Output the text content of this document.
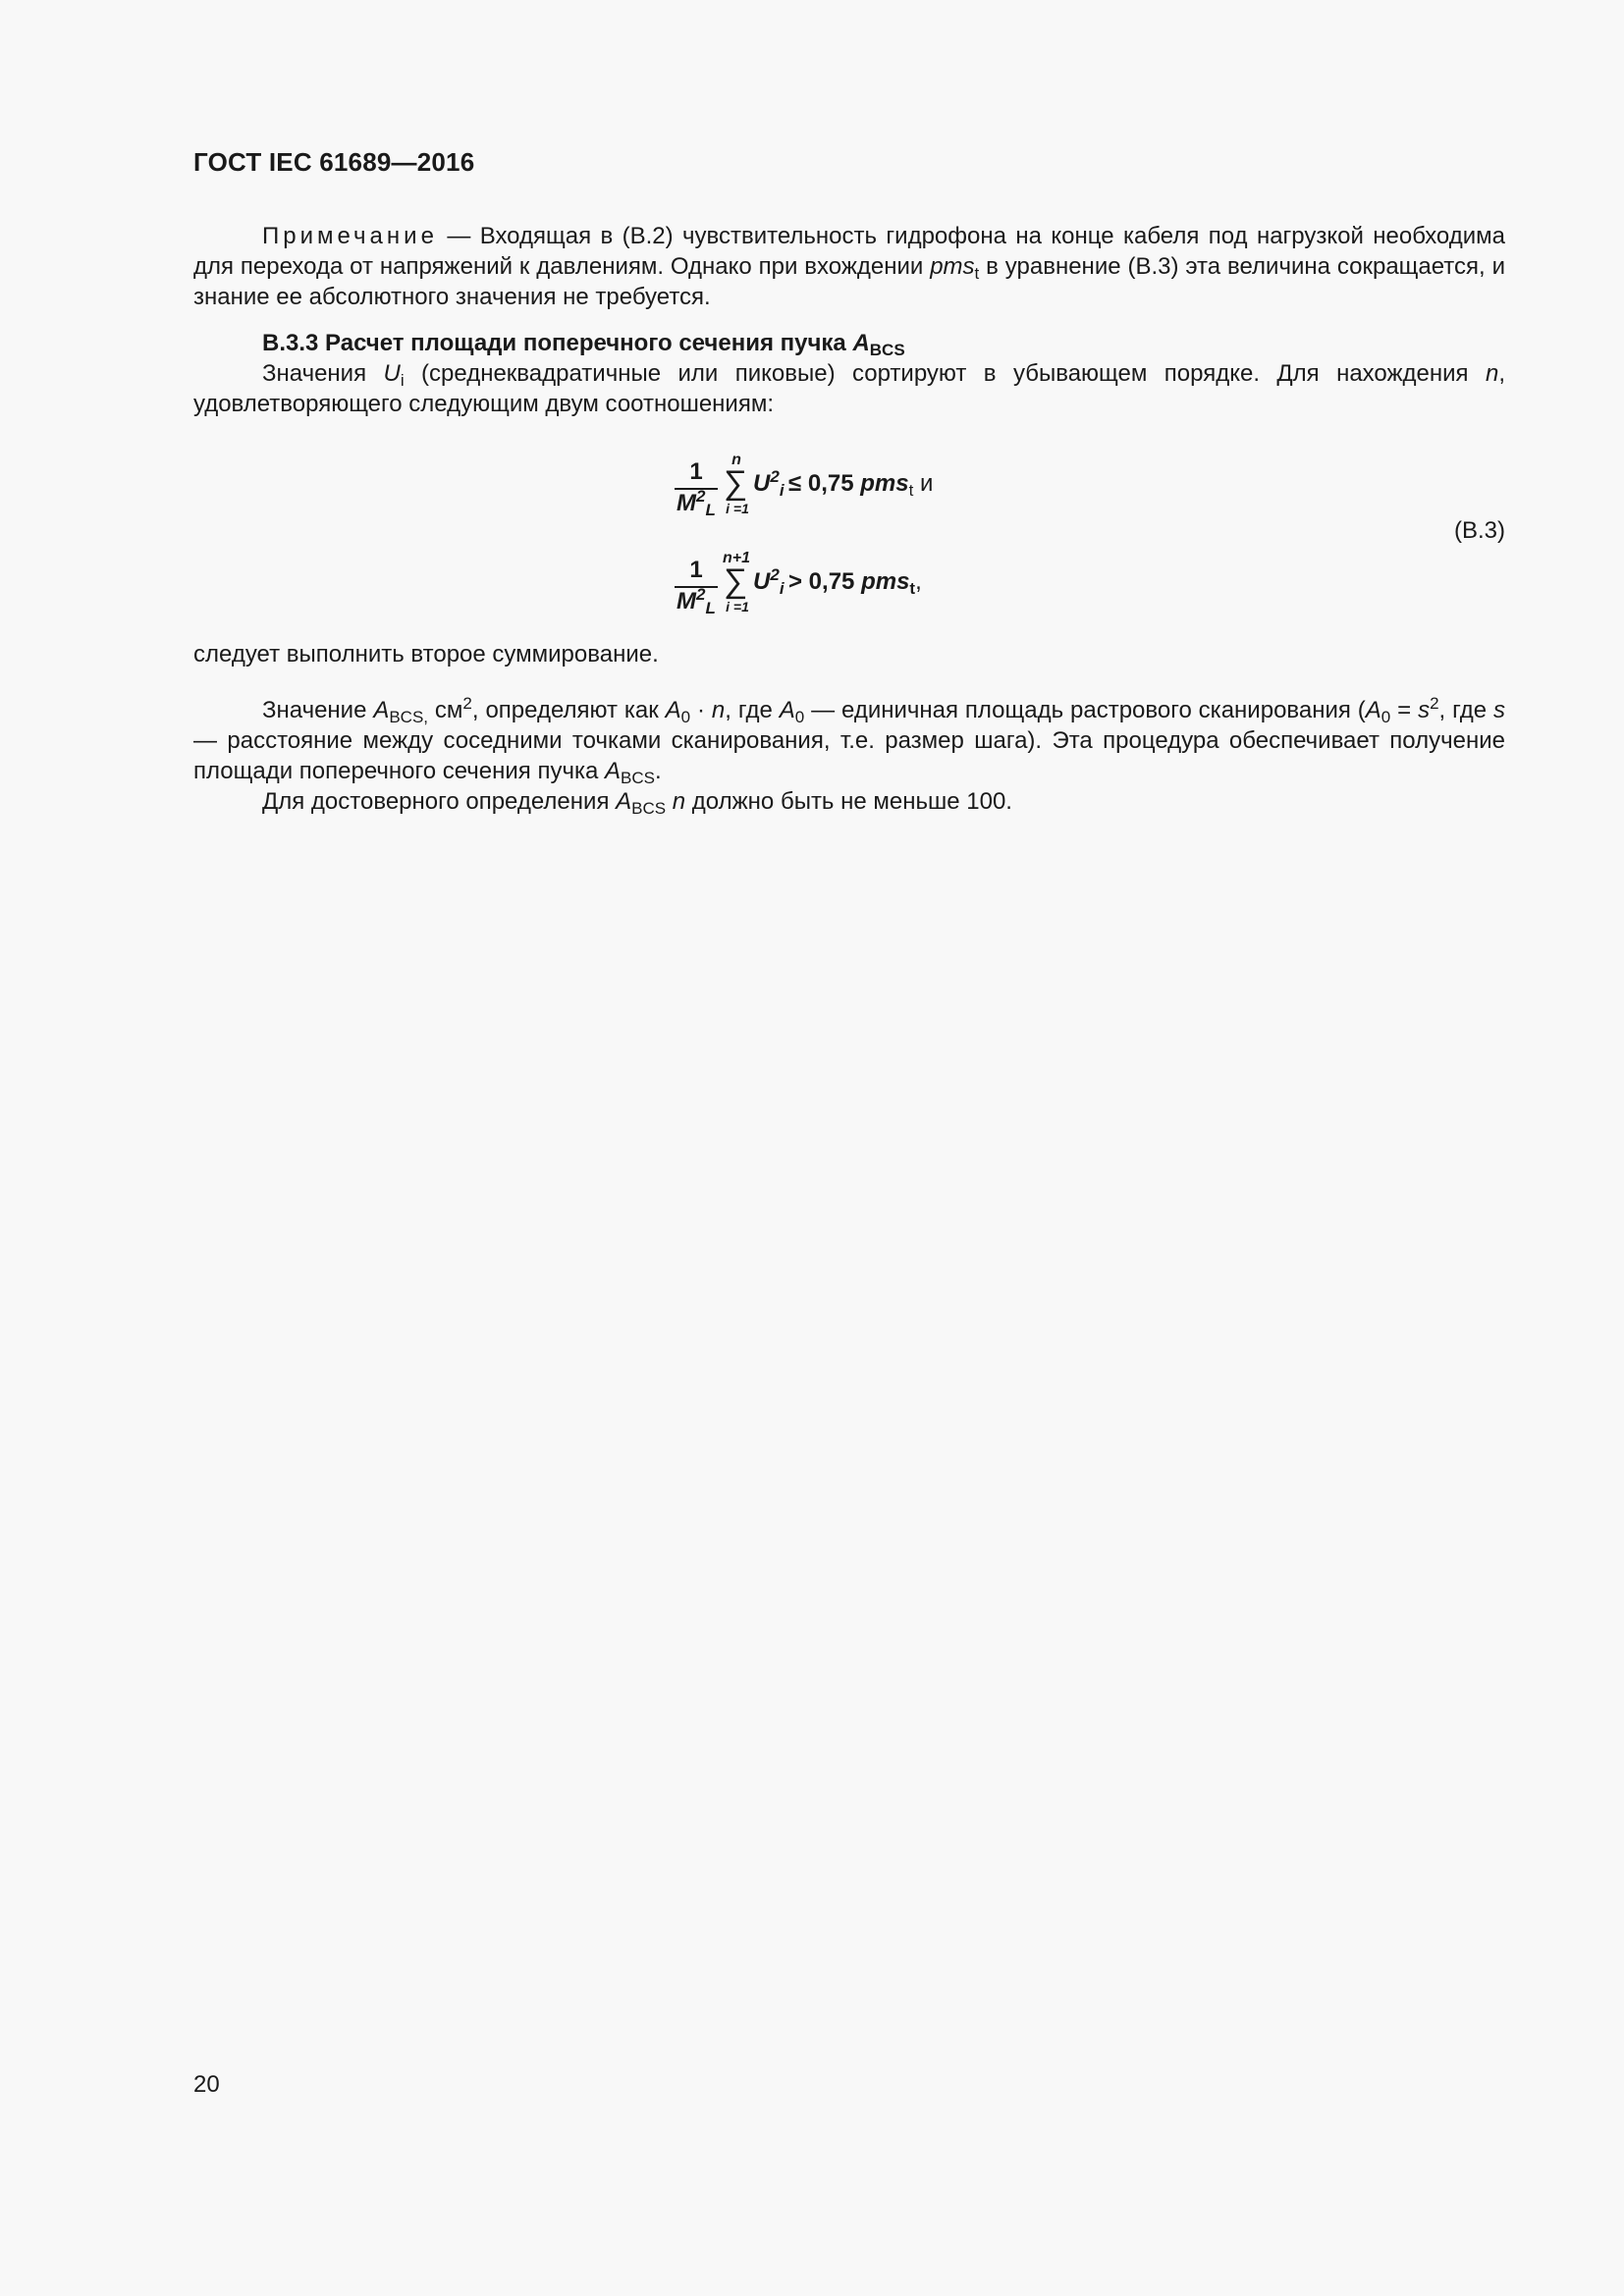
ГОСТ IEC 61689—2016

Примечание — Входящая в (В.2) чувствительность гидрофона на конце кабеля под нагрузкой необходима для перехода от напряжений к давлениям. Однако при вхождении pms$_t$ в уравнение (В.3) эта величина сокращается, и знание ее абсолютного значения не требуется.

В.3.3 Расчет площади поперечного сечения пучка $A_{BCS}$

Значения $U_i$ (среднеквадратичные или пиковые) сортируют в убывающем порядке. Для нахождения n, удовлетворяющего следующим двум соотношениям:

1
$M^2_L$
n
∑
i =1
$U^2_i \le 0,75$ pms$_t$ и
1
$M^2_L$
n+1
∑
i =1
$U^2_i > 0,75$ pms$_t$,
(В.3)

следует выполнить второе суммирование.

Значение $A_{BCS,}$ $см^2$, определяют как $A_0 \cdot n$, где $A_0$ — единичная площадь растрового сканирования ($A_0 = s^2$, где s — расстояние между соседними точками сканирования, т.е. размер шага). Эта процедура обеспечивает получение площади поперечного сечения пучка $A_{BCS}$.

Для достоверного определения $A_{BCS}$ n должно быть не меньше 100.

20
